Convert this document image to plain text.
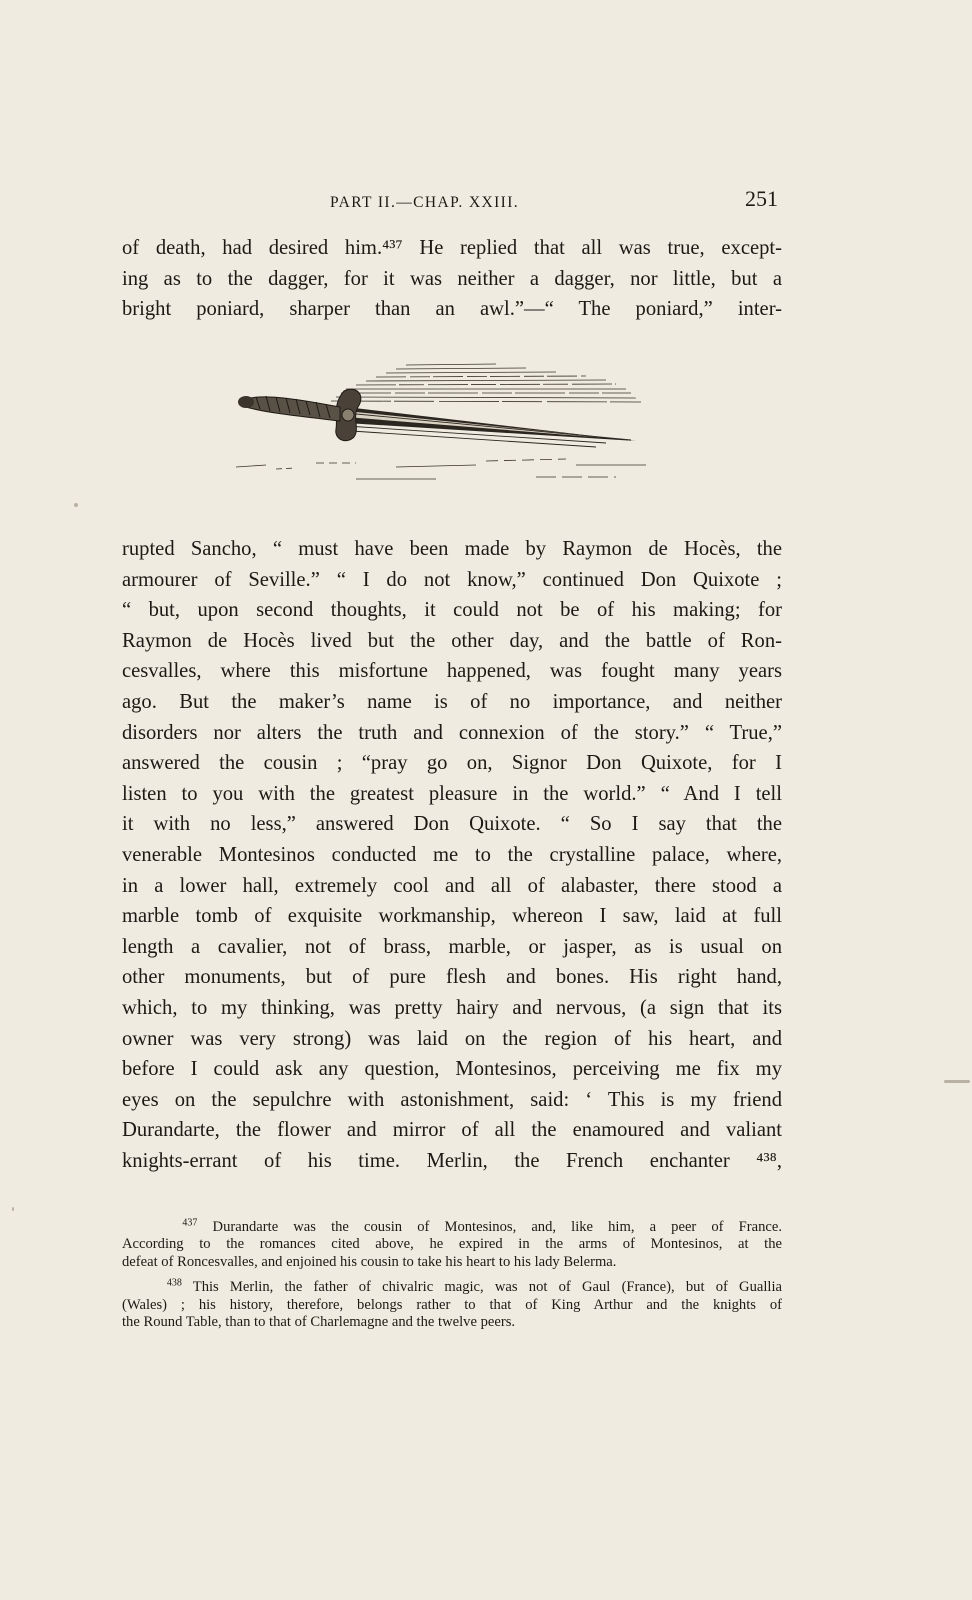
PART II.—CHAP. XXIII.	251
of death, had desired him.⁴³⁷ He replied that all was true, except-
ing as to the dagger, for it was neither a dagger, nor little, but a
bright poniard, sharper than an awl.”—“ The poniard,” inter-
rupted Sancho, “ must have been made by Raymon de Hocès, the
armourer of Seville.” “ I do not know,” continued Don Quixote ;
“ but, upon second thoughts, it could not be of his making; for
Raymon de Hocès lived but the other day, and the battle of Ron-
cesvalles, where this misfortune happened, was fought many years
ago. But the maker’s name is of no importance, and neither
disorders nor alters the truth and connexion of the story.” “ True,”
answered the cousin ; “pray go on, Signor Don Quixote, for I
listen to you with the greatest pleasure in the world.” “ And I tell
it with no less,” answered Don Quixote. “ So I say that the
venerable Montesinos conducted me to the crystalline palace, where,
in a lower hall, extremely cool and all of alabaster, there stood a
marble tomb of exquisite workmanship, whereon I saw, laid at full
length a cavalier, not of brass, marble, or jasper, as is usual on
other monuments, but of pure flesh and bones. His right hand,
which, to my thinking, was pretty hairy and nervous, (a sign that its
owner was very strong) was laid on the region of his heart, and
before I could ask any question, Montesinos, perceiving me fix my
eyes on the sepulchre with astonishment, said: ‘ This is my friend
Durandarte, the flower and mirror of all the enamoured and valiant
knights-errant of his time. Merlin, the French enchanter ⁴³⁸,
$^{437}$ Durandarte was the cousin of Montesinos, and, like him, a peer of France.
According to the romances cited above, he expired in the arms of Montesinos, at the
defeat of Roncesvalles, and enjoined his cousin to take his heart to his lady Belerma.
$^{438}$ This Merlin, the father of chivalric magic, was not of Gaul (France), but of Guallia
(Wales) ; his history, therefore, belongs rather to that of King Arthur and the knights of
the Round Table, than to that of Charlemagne and the twelve peers.
